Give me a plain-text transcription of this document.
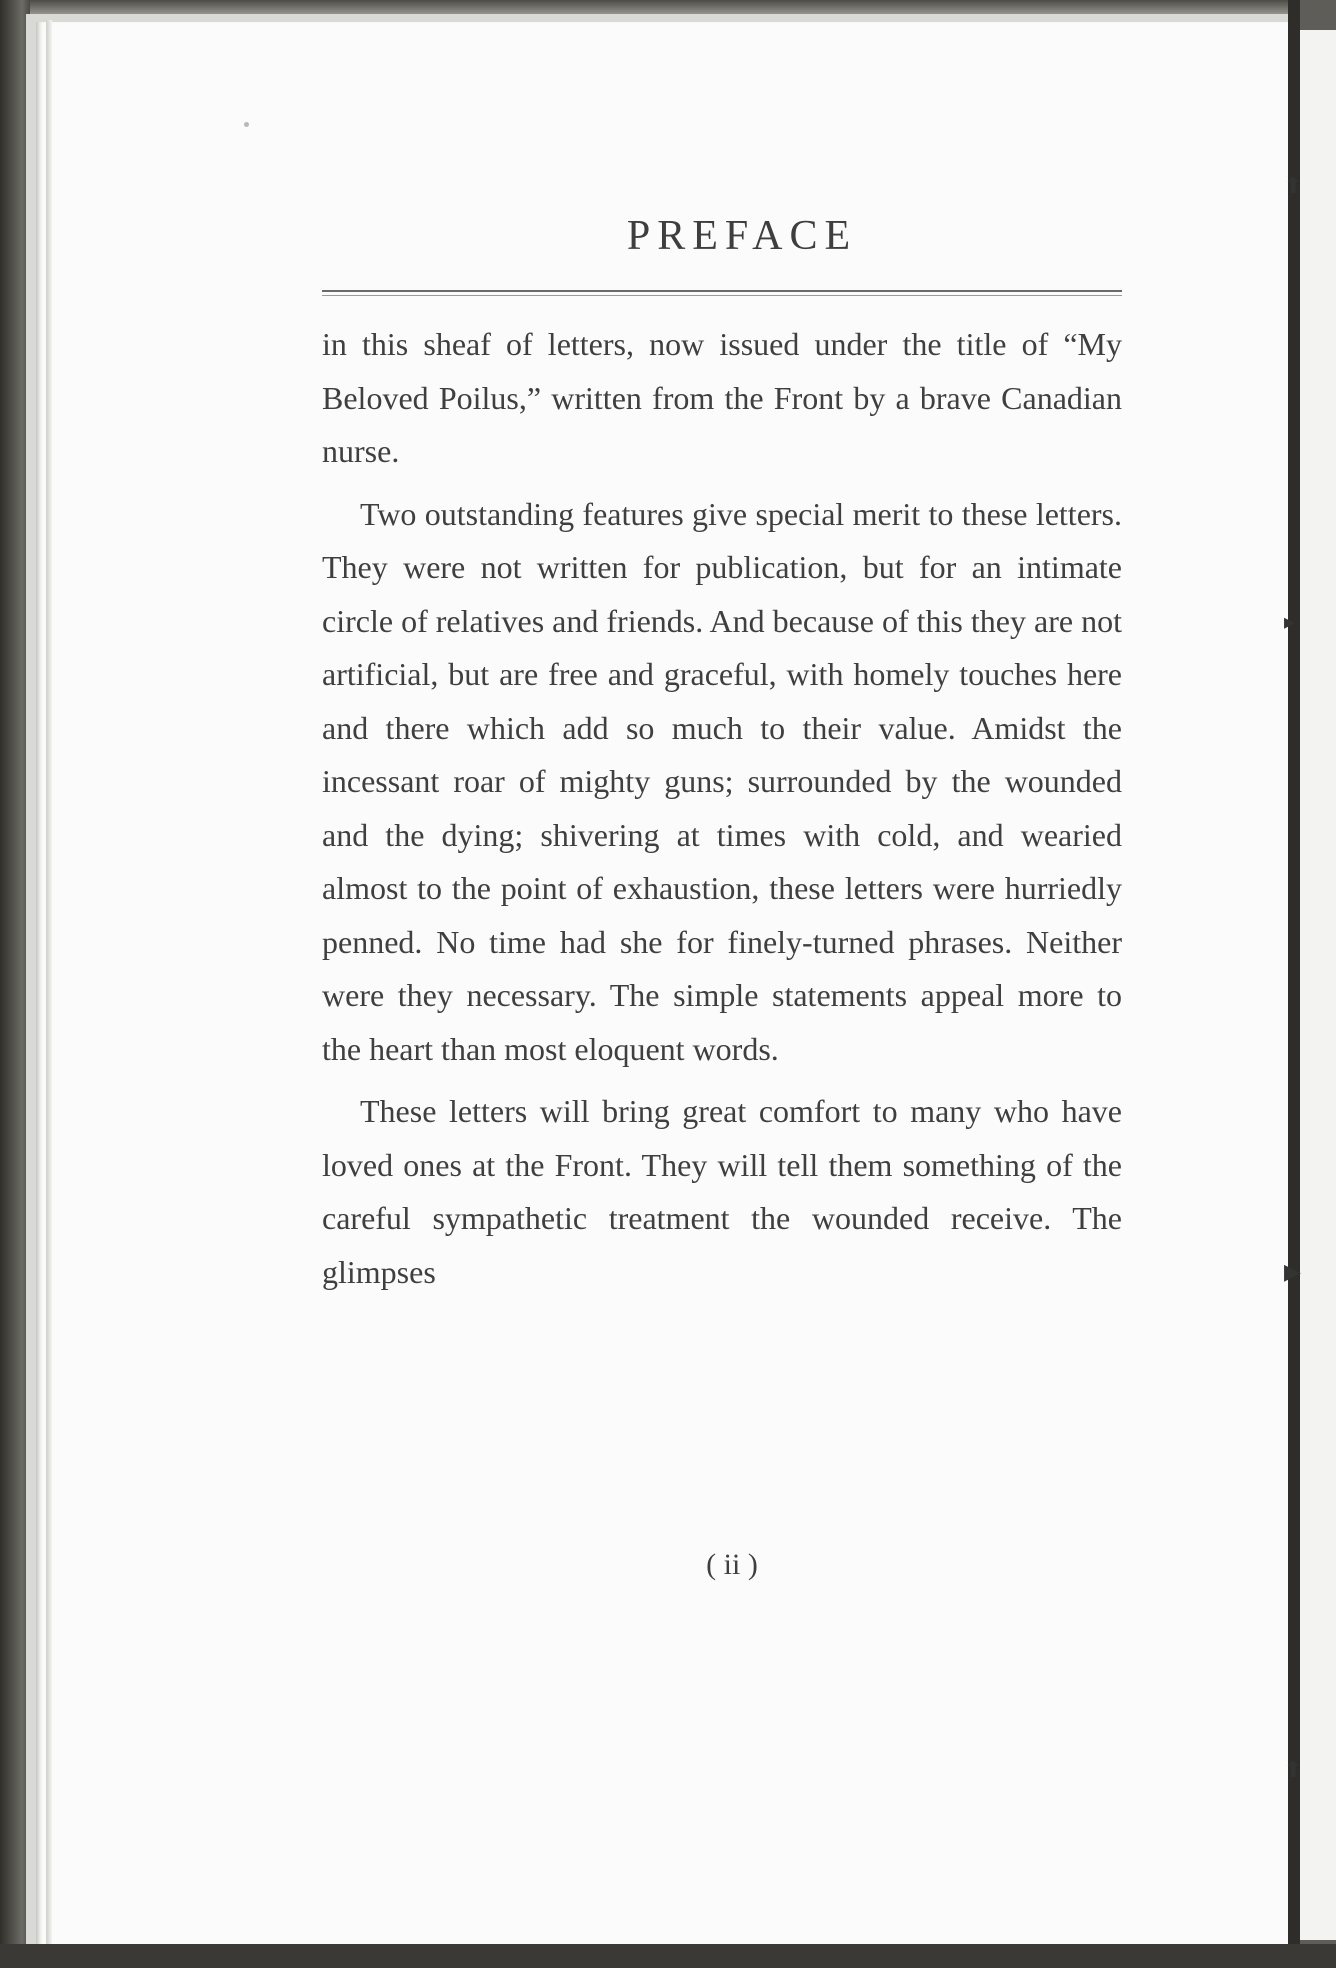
⬆
▸
▶
⬆
PREFACE

in this sheaf of letters, now issued under the title of “My Beloved Poilus,” written from the Front by a brave Canadian nurse.

Two outstanding features give special merit to these letters. They were not written for publication, but for an intimate circle of relatives and friends. And because of this they are not artificial, but are free and graceful, with homely touches here and there which add so much to their value. Amidst the incessant roar of mighty guns; surrounded by the wounded and the dying; shivering at times with cold, and wearied almost to the point of exhaustion, these letters were hurriedly penned. No time had she for finely-turned phrases. Neither were they necessary. The simple statements appeal more to the heart than most eloquent words.

These letters will bring great comfort to many who have loved ones at the Front. They will tell them something of the careful sympathetic treatment the wounded receive. The glimpses

( ii )
